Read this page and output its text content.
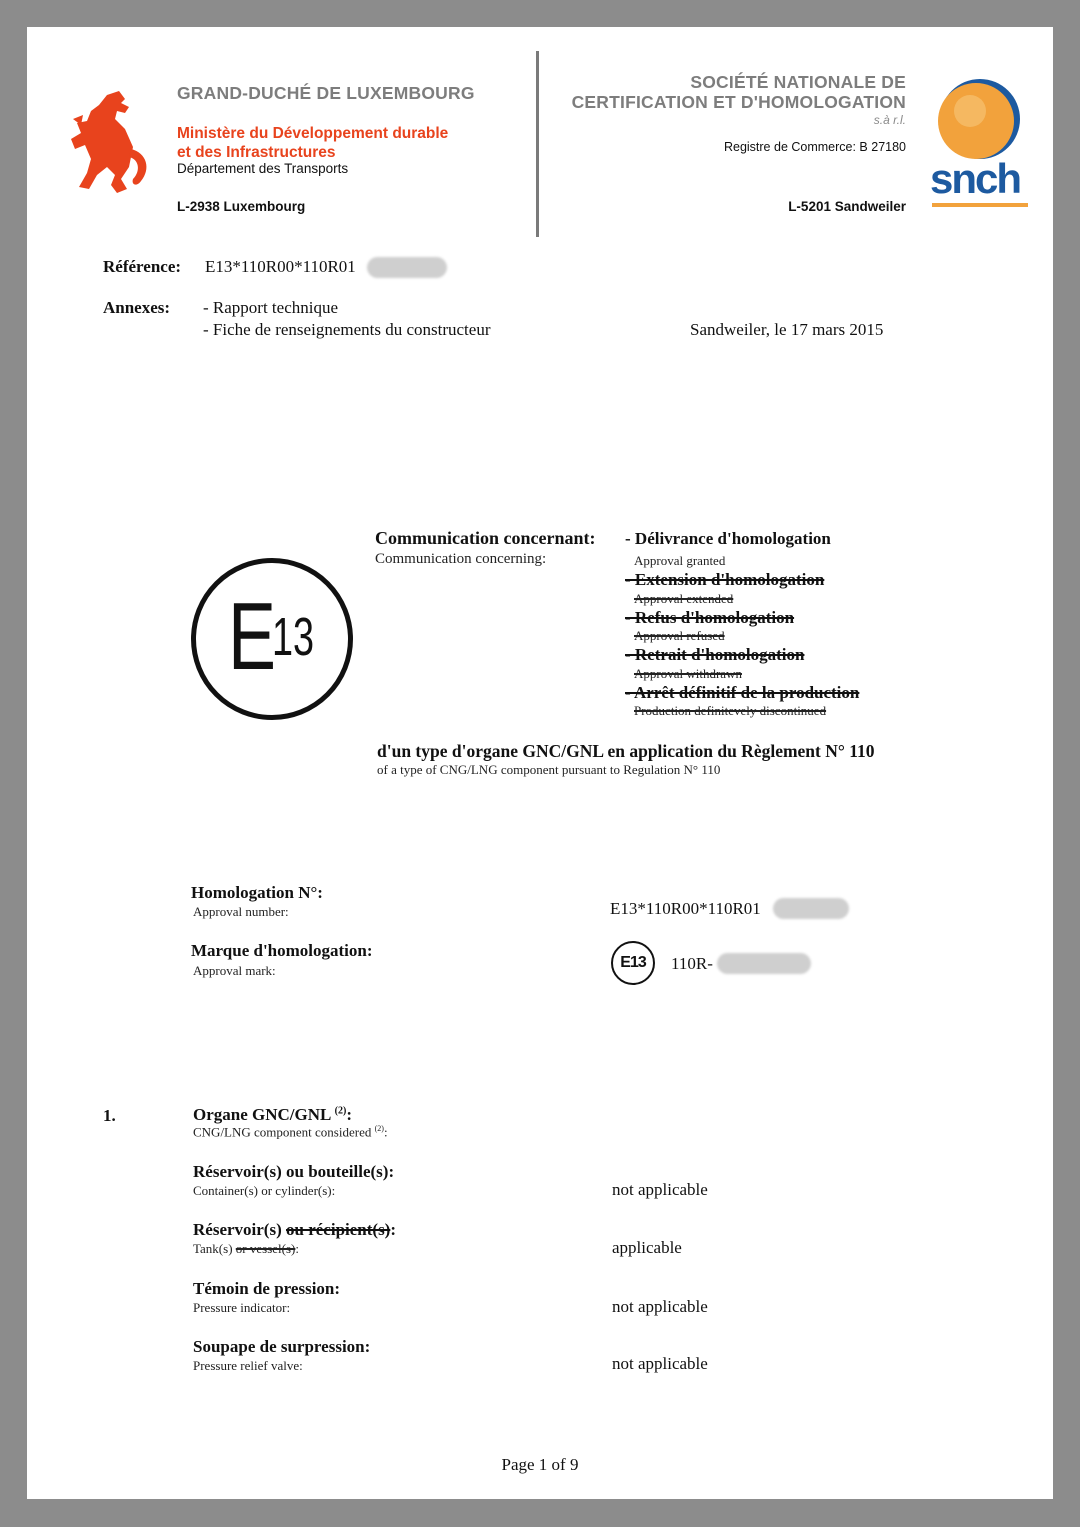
GRAND-DUCHÉ DE LUXEMBOURG
Ministère du Développement durable
et des Infrastructures
Département des Transports
L-2938 Luxembourg
SOCIÉTÉ NATIONALE DE
CERTIFICATION ET D'HOMOLOGATION
s.à r.l.
Registre de Commerce: B 27180
L-5201 Sandweiler
snch
Référence: E13*110R00*110R01
Annexes: - Rapport technique
- Fiche de renseignements du constructeur	Sandweiler, le 17 mars 2015
E
13
Communication concernant:
Communication concerning:
- Délivrance d'homologation
Approval granted
- Extension d'homologation
Approval extended
- Refus d'homologation
Approval refused
- Retrait d'homologation
Approval withdrawn
- Arrêt définitif de la production
Production definitevely discontinued
d'un type d'organe GNC/GNL en application du Règlement N° 110
of a type of CNG/LNG component pursuant to Regulation N° 110
Homologation N°:
Approval number:	E13*110R00*110R01
Marque d'homologation:
Approval mark:	E13 110R-
1.	Organe GNC/GNL $^{(2)}$:
CNG/LNG component considered $^{(2)}$:
Réservoir(s) ou bouteille(s):
Container(s) or cylinder(s):	not applicable
Réservoir(s) ou récipient(s):
Tank(s) or vessel(s):	applicable
Témoin de pression:
Pressure indicator:	not applicable
Soupape de surpression:
Pressure relief valve:	not applicable
Page 1 of 9
